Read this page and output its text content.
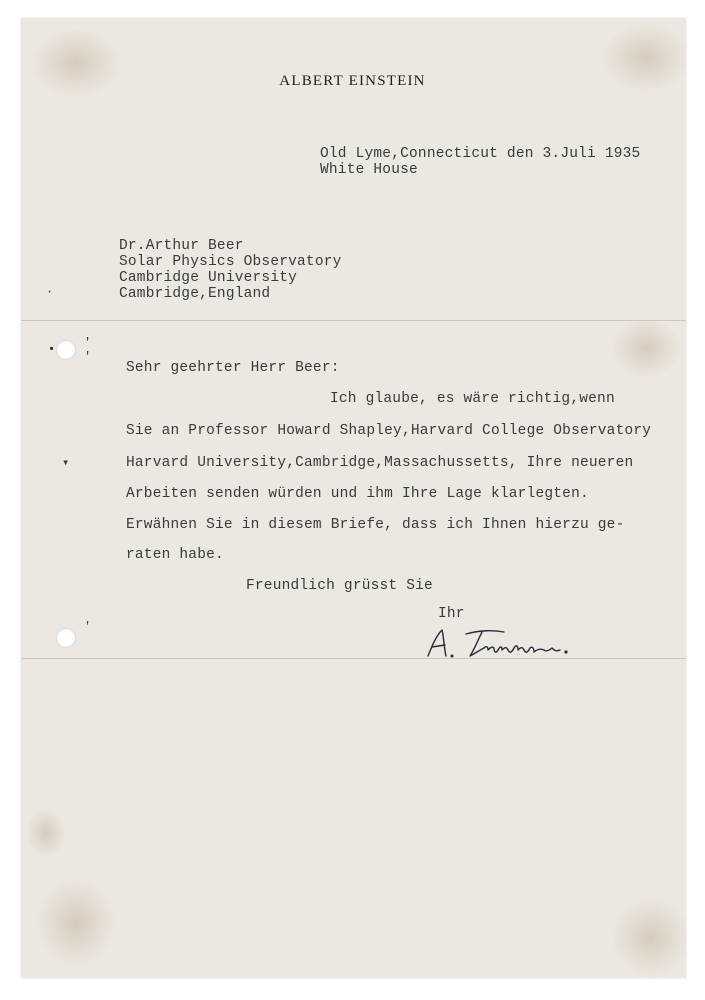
·
▪ '
'
▾
'
ALBERT EINSTEIN
Old Lyme,Connecticut den 3.Juli 1935
White House
Dr.Arthur Beer
Solar Physics Observatory
Cambridge University
Cambridge,England
Sehr geehrter Herr Beer:
Ich glaube, es wäre richtig,wenn
Sie an Professor Howard Shapley,Harvard College Observatory
Harvard University,Cambridge,Massachussetts, Ihre neueren
Arbeiten senden würden und ihm Ihre Lage klarlegten.
Erwähnen Sie in diesem Briefe, dass ich Ihnen hierzu ge-
raten habe.
Freundlich grüsst Sie
Ihr
